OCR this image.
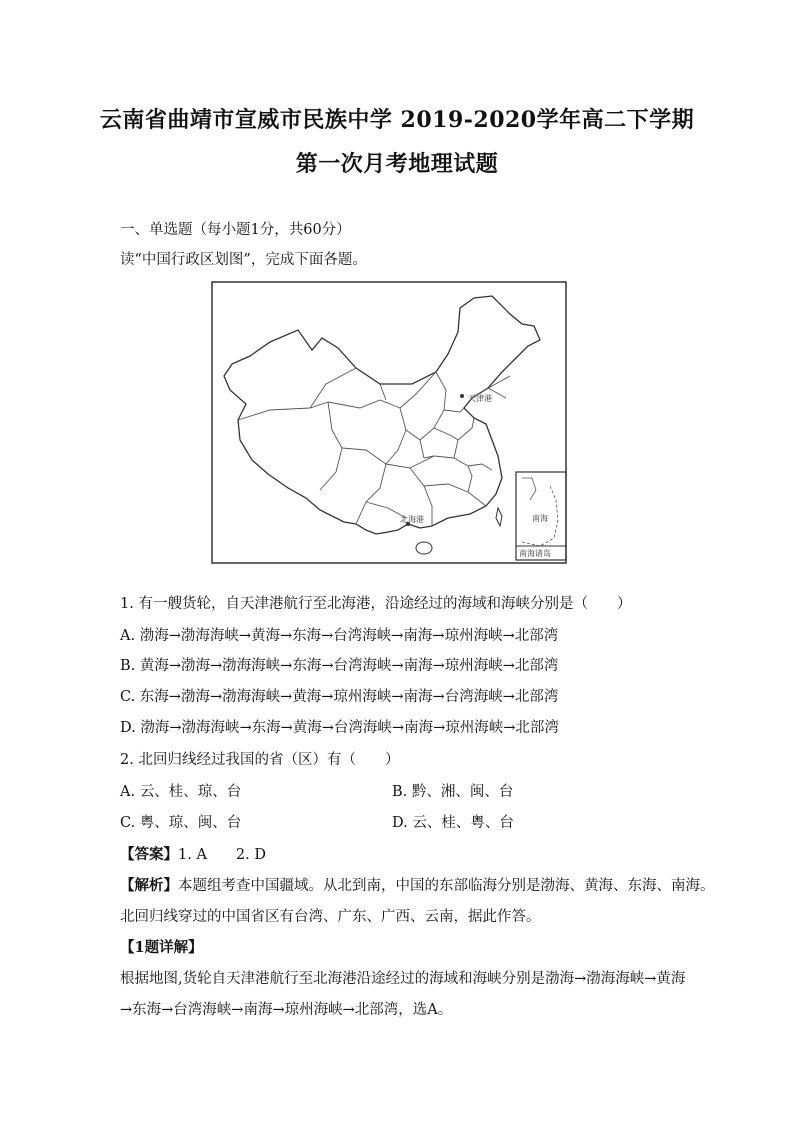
云南省曲靖市宣威市民族中学 2019-2020学年高二下学期
第一次月考地理试题
一、单选题（每小题1分，共60分）
读“中国行政区划图”，完成下面各题。
天津港
北海港	南海
南海诸岛
1. 有一艘货轮，自天津港航行至北海港，沿途经过的海域和海峡分别是（　　）
A. 渤海→渤海海峡→黄海→东海→台湾海峡→南海→琼州海峡→北部湾
B. 黄海→渤海→渤海海峡→东海→台湾海峡→南海→琼州海峡→北部湾
C. 东海→渤海→渤海海峡→黄海→琼州海峡→南海→台湾海峡→北部湾
D. 渤海→渤海海峡→东海→黄海→台湾海峡→南海→琼州海峡→北部湾
2. 北回归线经过我国的省（区）有（　　）
A. 云、桂、琼、台	B. 黔、湘、闽、台
C. 粤、琼、闽、台	D. 云、桂、粤、台
【答案】1. A　　2. D
【解析】本题组考查中国疆域。从北到南，中国的东部临海分别是渤海、黄海、东海、南海。
北回归线穿过的中国省区有台湾、广东、广西、云南，据此作答。
【1题详解】
根据地图,货轮自天津港航行至北海港沿途经过的海域和海峡分别是渤海→渤海海峡→黄海
→东海→台湾海峡→南海→琼州海峡→北部湾，选A。
